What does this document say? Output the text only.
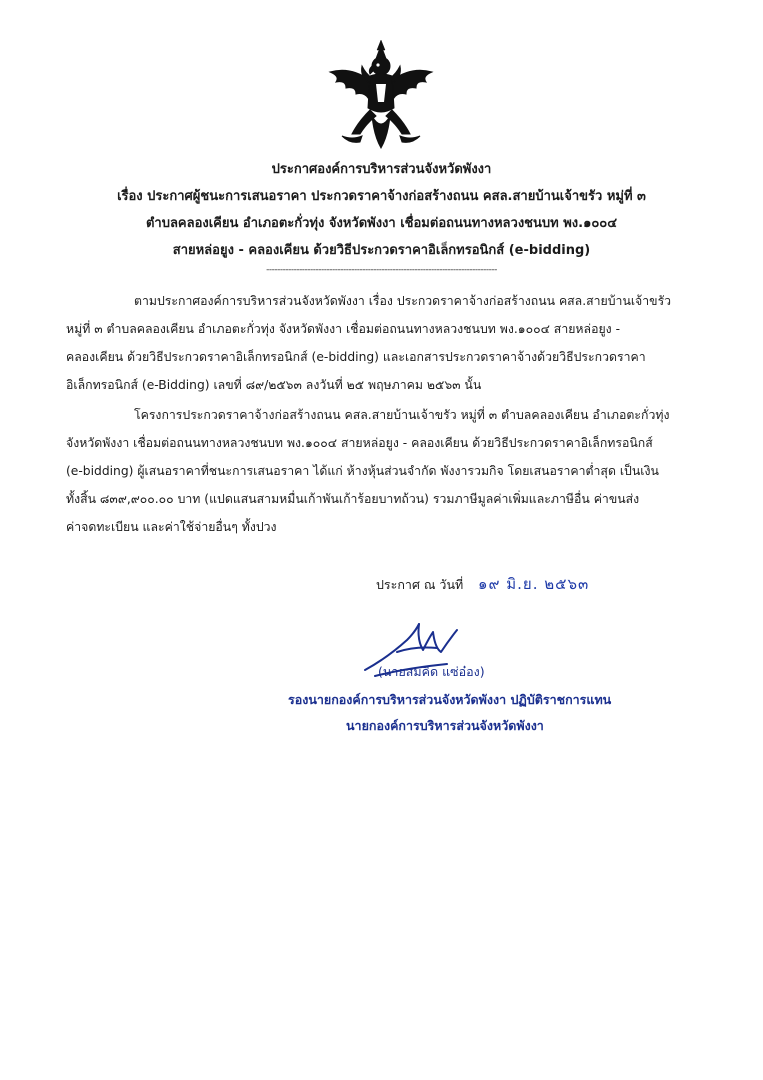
ประกาศองค์การบริหารส่วนจังหวัดพังงา
เรื่อง ประกาศผู้ชนะการเสนอราคา ประกวดราคาจ้างก่อสร้างถนน คสล.สายบ้านเจ้าขรัว หมู่ที่ ๓
ตำบลคลองเคียน อำเภอตะกั่วทุ่ง จังหวัดพังงา เชื่อมต่อถนนทางหลวงชนบท พง.๑๐๐๔
สายหล่อยูง - คลองเคียน ด้วยวิธีประกวดราคาอิเล็กทรอนิกส์ (e-bidding)
------------------------------------------------------------------------------------
ตามประกาศองค์การบริหารส่วนจังหวัดพังงา เรื่อง ประกวดราคาจ้างก่อสร้างถนน คสล.สายบ้านเจ้าขรัว
หมู่ที่ ๓ ตำบลคลองเคียน อำเภอตะกั่วทุ่ง จังหวัดพังงา เชื่อมต่อถนนทางหลวงชนบท พง.๑๐๐๔ สายหล่อยูง -
คลองเคียน ด้วยวิธีประกวดราคาอิเล็กทรอนิกส์ (e-bidding) และเอกสารประกวดราคาจ้างด้วยวิธีประกวดราคา
อิเล็กทรอนิกส์ (e-Bidding) เลขที่ ๘๙/๒๕๖๓ ลงวันที่ ๒๕ พฤษภาคม ๒๕๖๓ นั้น
โครงการประกวดราคาจ้างก่อสร้างถนน คสล.สายบ้านเจ้าขรัว หมู่ที่ ๓ ตำบลคลองเคียน อำเภอตะกั่วทุ่ง
จังหวัดพังงา เชื่อมต่อถนนทางหลวงชนบท พง.๑๐๐๔ สายหล่อยูง - คลองเคียน ด้วยวิธีประกวดราคาอิเล็กทรอนิกส์
(e-bidding) ผู้เสนอราคาที่ชนะการเสนอราคา ได้แก่ ห้างหุ้นส่วนจำกัด พังงารวมกิจ โดยเสนอราคาต่ำสุด เป็นเงิน
ทั้งสิ้น ๘๓๙,๙๐๐.๐๐ บาท (แปดแสนสามหมื่นเก้าพันเก้าร้อยบาทถ้วน) รวมภาษีมูลค่าเพิ่มและภาษีอื่น ค่าขนส่ง
ค่าจดทะเบียน และค่าใช้จ่ายอื่นๆ ทั้งปวง
ประกาศ ณ วันที่ ๑๙ มิ.ย. ๒๕๖๓
(นายสมคิด แซ่อ๋อง)
รองนายกองค์การบริหารส่วนจังหวัดพังงา ปฏิบัติราชการแทน
นายกองค์การบริหารส่วนจังหวัดพังงา
